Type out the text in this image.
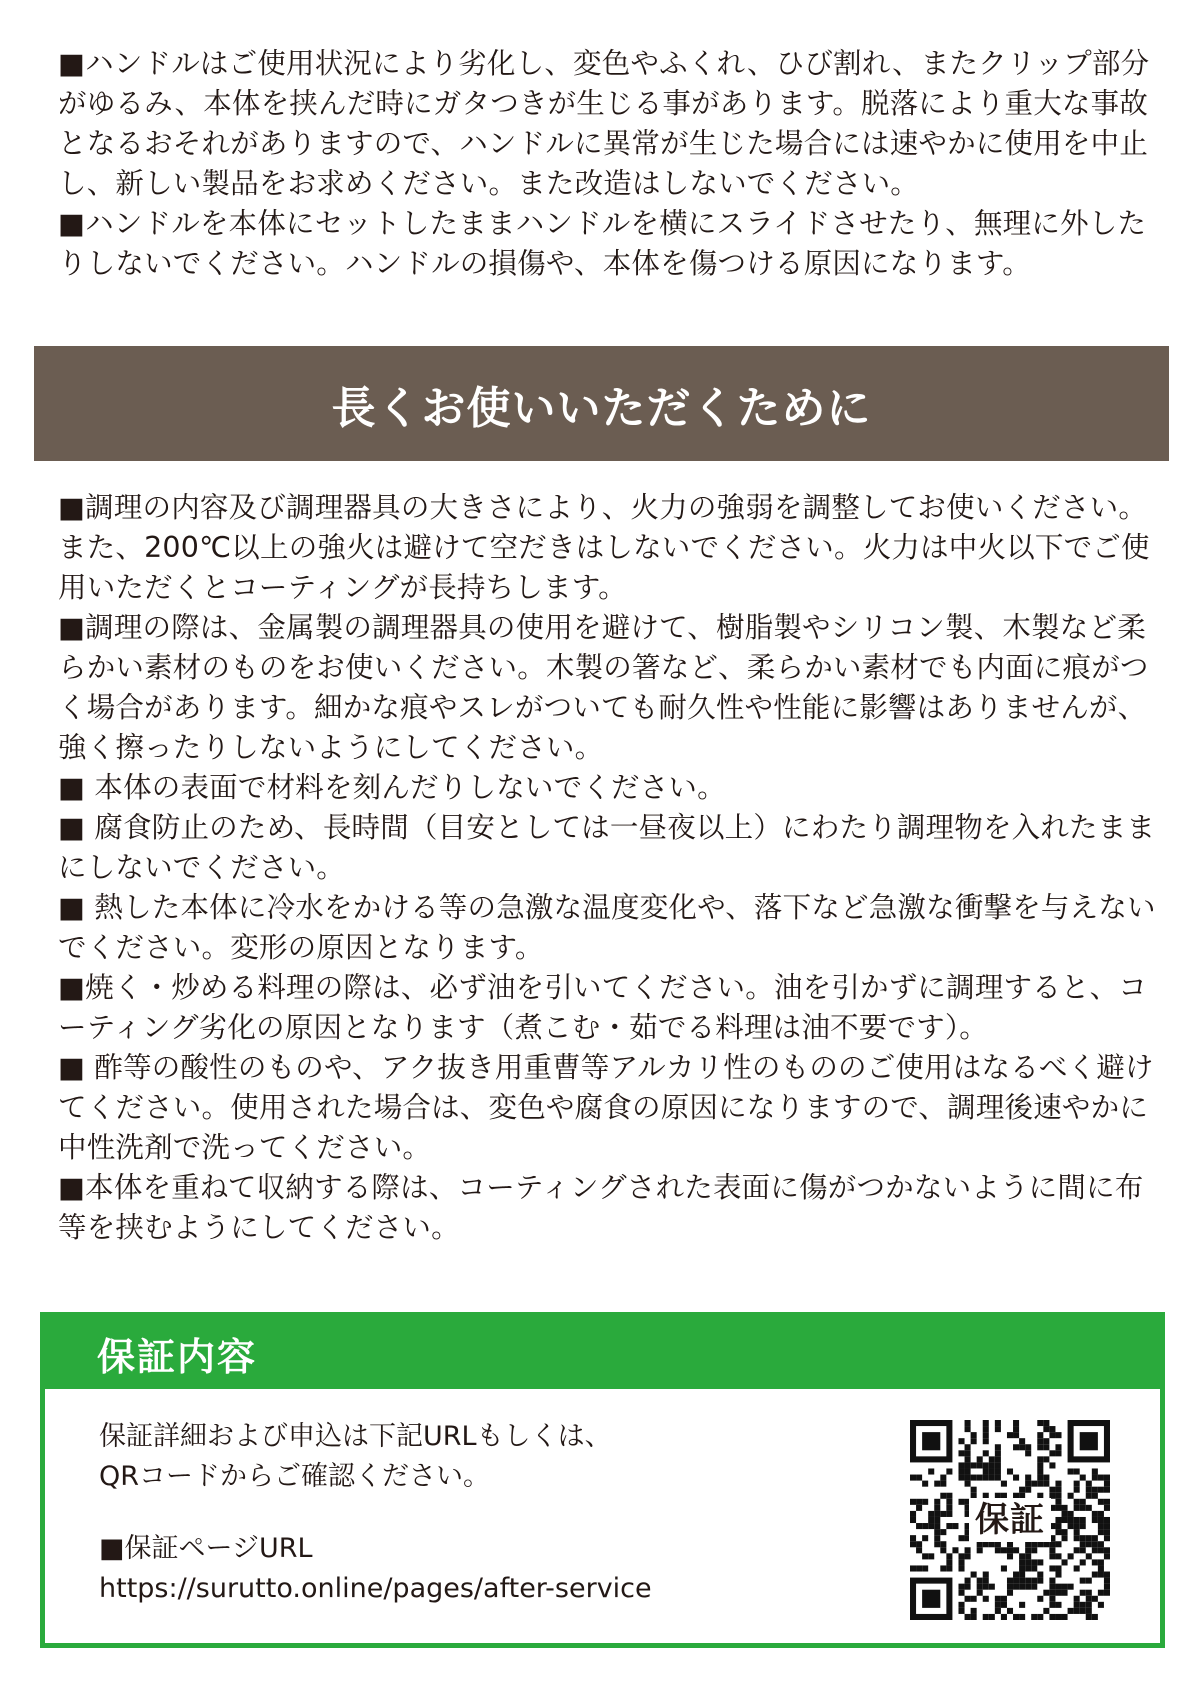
■ハンドルはご使用状況により劣化し、変色やふくれ、ひび割れ、またクリップ部分がゆるみ、本体を挟んだ時にガタつきが生じる事があります。脱落により重大な事故となるおそれがありますので、ハンドルに異常が生じた場合には速やかに使用を中止し、新しい製品をお求めください。また改造はしないでください。

■ハンドルを本体にセットしたままハンドルを横にスライドさせたり、無理に外したりしないでください。ハンドルの損傷や、本体を傷つける原因になります。

長くお使いいただくために

■調理の内容及び調理器具の大きさにより、火力の強弱を調整してお使いください。また、200℃以上の強火は避けて空だきはしないでください。火力は中火以下でご使用いただくとコーティングが長持ちします。

■調理の際は、金属製の調理器具の使用を避けて、樹脂製やシリコン製、木製など柔らかい素材のものをお使いください。木製の箸など、柔らかい素材でも内面に痕がつく場合があります。細かな痕やスレがついても耐久性や性能に影響はありませんが、強く擦ったりしないようにしてください。

■ 本体の表面で材料を刻んだりしないでください。

■ 腐食防止のため、長時間（目安としては一昼夜以上）にわたり調理物を入れたままにしないでください。

■ 熱した本体に冷水をかける等の急激な温度変化や、落下など急激な衝撃を与えないでください。変形の原因となります。

■焼く・炒める料理の際は、必ず油を引いてください。油を引かずに調理すると、コーティング劣化の原因となります（煮こむ・茹でる料理は油不要です）。

■ 酢等の酸性のものや、アク抜き用重曹等アルカリ性のもののご使用はなるべく避けてください。使用された場合は、変色や腐食の原因になりますので、調理後速やかに中性洗剤で洗ってください。

■本体を重ねて収納する際は、コーティングされた表面に傷がつかないように間に布等を挟むようにしてください。

保証内容

保証詳細および申込は下記URLもしくは、

QRコードからご確認ください。

■保証ページURL

https://surutto.online/pages/after-service

保証
